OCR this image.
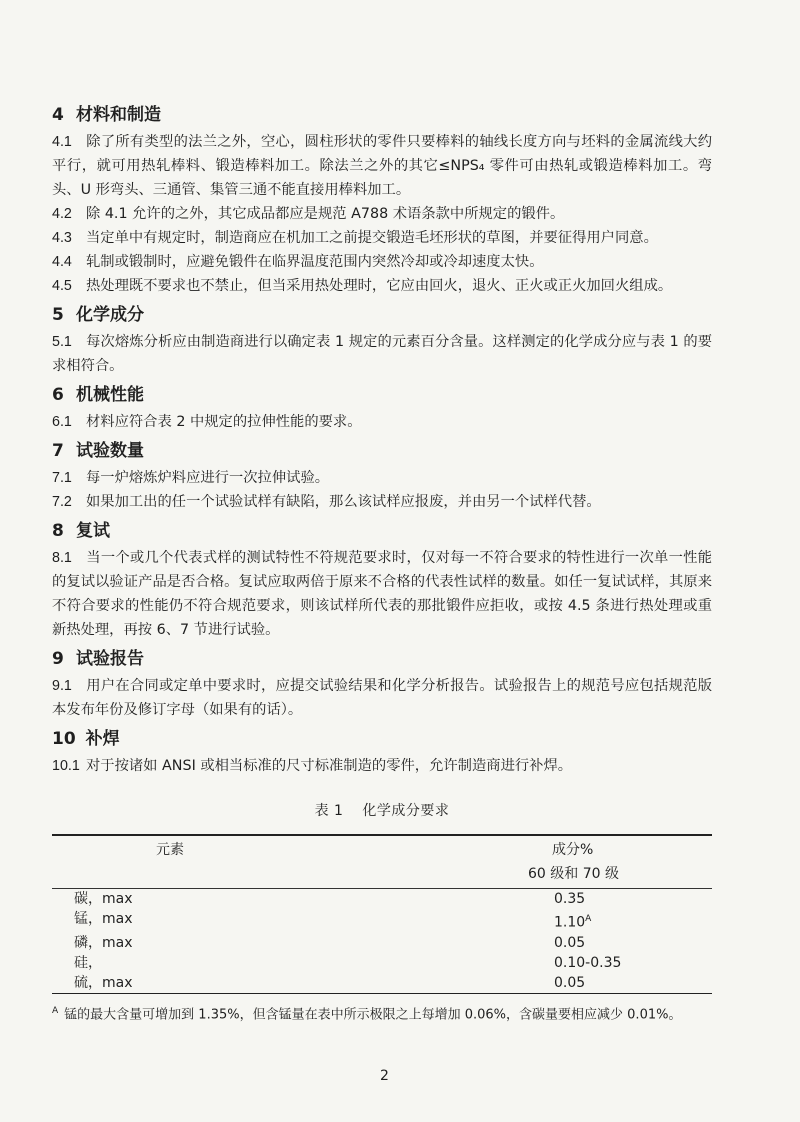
4 材料和制造
4.1 除了所有类型的法兰之外，空心，圆柱形状的零件只要棒料的轴线长度方向与坯料的金属流线大约平行，就可用热轧棒料、锻造棒料加工。除法兰之外的其它≤NPS₄ 零件可由热轧或锻造棒料加工。弯头、U 形弯头、三通管、集管三通不能直接用棒料加工。
4.2 除 4.1 允许的之外，其它成品都应是规范 A788 术语条款中所规定的锻件。
4.3 当定单中有规定时，制造商应在机加工之前提交锻造毛坯形状的草图，并要征得用户同意。
4.4 轧制或锻制时，应避免锻件在临界温度范围内突然冷却或冷却速度太快。
4.5 热处理既不要求也不禁止，但当采用热处理时，它应由回火，退火、正火或正火加回火组成。
5 化学成分
5.1 每次熔炼分析应由制造商进行以确定表 1 规定的元素百分含量。这样测定的化学成分应与表 1 的要求相符合。
6 机械性能
6.1 材料应符合表 2 中规定的拉伸性能的要求。
7 试验数量
7.1 每一炉熔炼炉料应进行一次拉伸试验。
7.2 如果加工出的任一个试验试样有缺陷，那么该试样应报废，并由另一个试样代替。
8 复试
8.1 当一个或几个代表式样的测试特性不符规范要求时，仅对每一不符合要求的特性进行一次单一性能的复试以验证产品是否合格。复试应取两倍于原来不合格的代表性试样的数量。如任一复试试样，其原来不符合要求的性能仍不符合规范要求，则该试样所代表的那批锻件应拒收，或按 4.5 条进行热处理或重新热处理，再按 6、7 节进行试验。
9 试验报告
9.1 用户在合同或定单中要求时，应提交试验结果和化学分析报告。试验报告上的规范号应包括规范版本发布年份及修订字母（如果有的话）。
10 补焊
10.1 对于按诸如 ANSI 或相当标准的尺寸标准制造的零件，允许制造商进行补焊。
表 1 化学成分要求
元素	成分%
	60 级和 70 级
碳，max	0.35
锰，max	$1.10^A$
磷，max	0.05
硅，	0.10-0.35
硫，max	0.05
$^A$ 锰的最大含量可增加到 1.35%，但含锰量在表中所示极限之上每增加 0.06%，含碳量要相应减少 0.01%。
2
